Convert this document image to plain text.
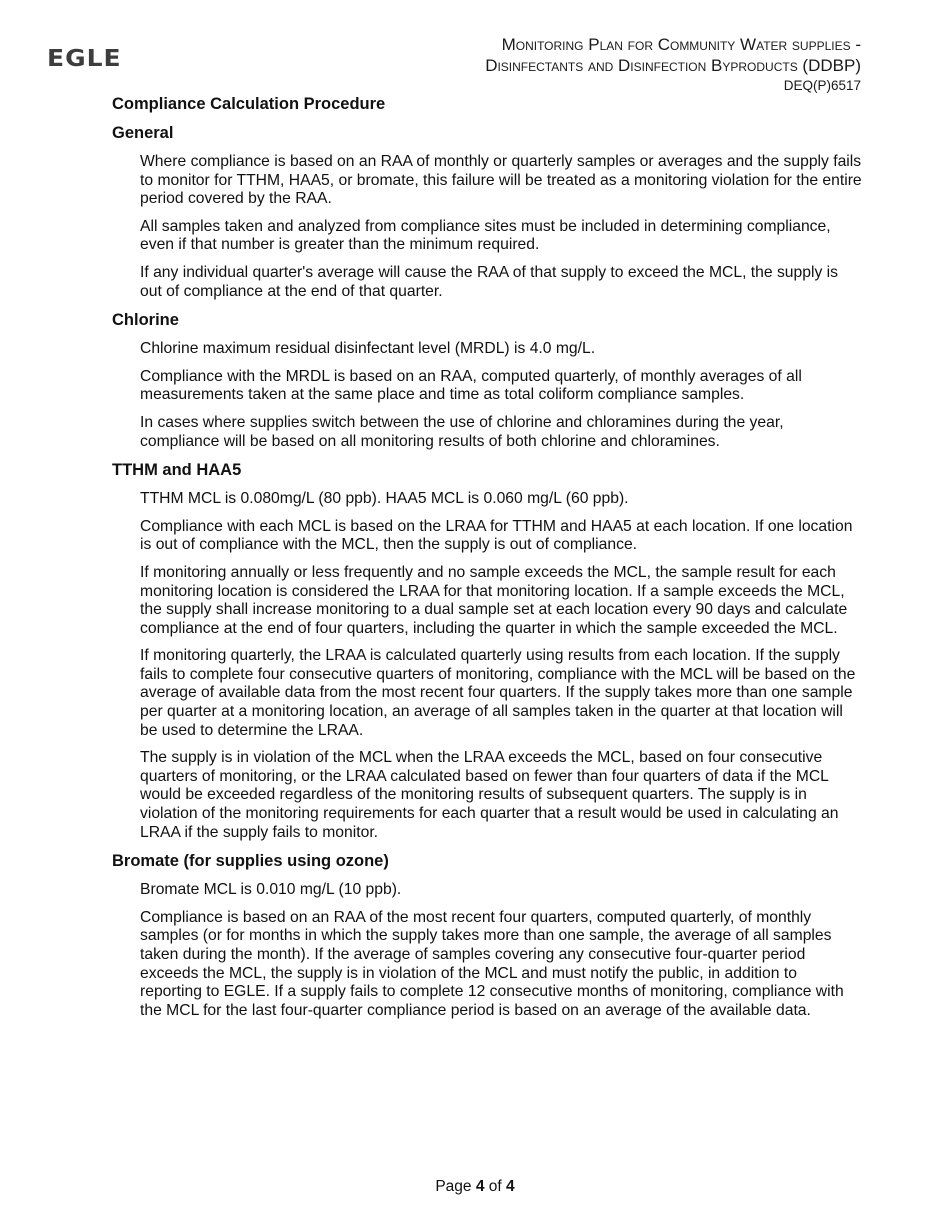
EGLE
Monitoring Plan for Community Water supplies -
Disinfectants and Disinfection Byproducts (DDBP)
DEQ(P)6517
Compliance Calculation Procedure
General

Where compliance is based on an RAA of monthly or quarterly samples or averages and the supply fails to monitor for TTHM, HAA5, or bromate, this failure will be treated as a monitoring violation for the entire period covered by the RAA.

All samples taken and analyzed from compliance sites must be included in determining compliance, even if that number is greater than the minimum required.

If any individual quarter's average will cause the RAA of that supply to exceed the MCL, the supply is out of compliance at the end of that quarter.

Chlorine

Chlorine maximum residual disinfectant level (MRDL) is 4.0 mg/L.

Compliance with the MRDL is based on an RAA, computed quarterly, of monthly averages of all measurements taken at the same place and time as total coliform compliance samples.

In cases where supplies switch between the use of chlorine and chloramines during the year, compliance will be based on all monitoring results of both chlorine and chloramines.

TTHM and HAA5

TTHM MCL is 0.080mg/L (80 ppb). HAA5 MCL is 0.060 mg/L (60 ppb).

Compliance with each MCL is based on the LRAA for TTHM and HAA5 at each location. If one location is out of compliance with the MCL, then the supply is out of compliance.

If monitoring annually or less frequently and no sample exceeds the MCL, the sample result for each monitoring location is considered the LRAA for that monitoring location. If a sample exceeds the MCL, the supply shall increase monitoring to a dual sample set at each location every 90 days and calculate compliance at the end of four quarters, including the quarter in which the sample exceeded the MCL.

If monitoring quarterly, the LRAA is calculated quarterly using results from each location. If the supply fails to complete four consecutive quarters of monitoring, compliance with the MCL will be based on the average of available data from the most recent four quarters. If the supply takes more than one sample per quarter at a monitoring location, an average of all samples taken in the quarter at that location will be used to determine the LRAA.

The supply is in violation of the MCL when the LRAA exceeds the MCL, based on four consecutive quarters of monitoring, or the LRAA calculated based on fewer than four quarters of data if the MCL would be exceeded regardless of the monitoring results of subsequent quarters. The supply is in violation of the monitoring requirements for each quarter that a result would be used in calculating an LRAA if the supply fails to monitor.

Bromate (for supplies using ozone)

Bromate MCL is 0.010 mg/L (10 ppb).

Compliance is based on an RAA of the most recent four quarters, computed quarterly, of monthly samples (or for months in which the supply takes more than one sample, the average of all samples taken during the month). If the average of samples covering any consecutive four-quarter period exceeds the MCL, the supply is in violation of the MCL and must notify the public, in addition to reporting to EGLE. If a supply fails to complete 12 consecutive months of monitoring, compliance with the MCL for the last four-quarter compliance period is based on an average of the available data.

Page 4 of 4
